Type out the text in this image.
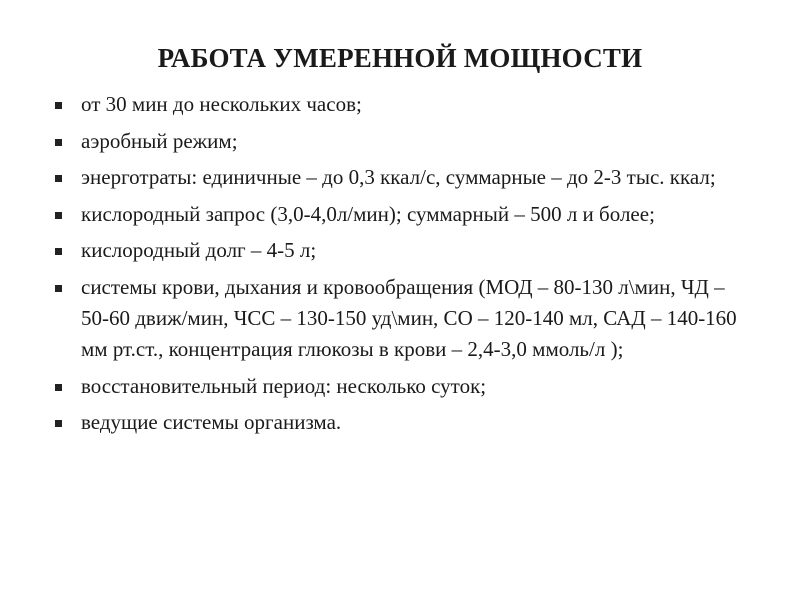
РАБОТА УМЕРЕННОЙ МОЩНОСТИ
от 30 мин до нескольких часов;
аэробный режим;
энерготраты: единичные – до 0,3 ккал/с, суммарные – до 2-3 тыс. ккал;
кислородный запрос (3,0-4,0л/мин); суммарный – 500 л и более;
кислородный долг – 4-5 л;
системы крови, дыхания и кровообращения (МОД – 80-130 л\мин, ЧД – 50-60 движ/мин, ЧСС – 130-150 уд\мин, СО – 120-140 мл, САД – 140-160 мм рт.ст., концентрация глюкозы в крови – 2,4-3,0 ммоль/л );
восстановительный период: несколько суток;
ведущие системы организма.
